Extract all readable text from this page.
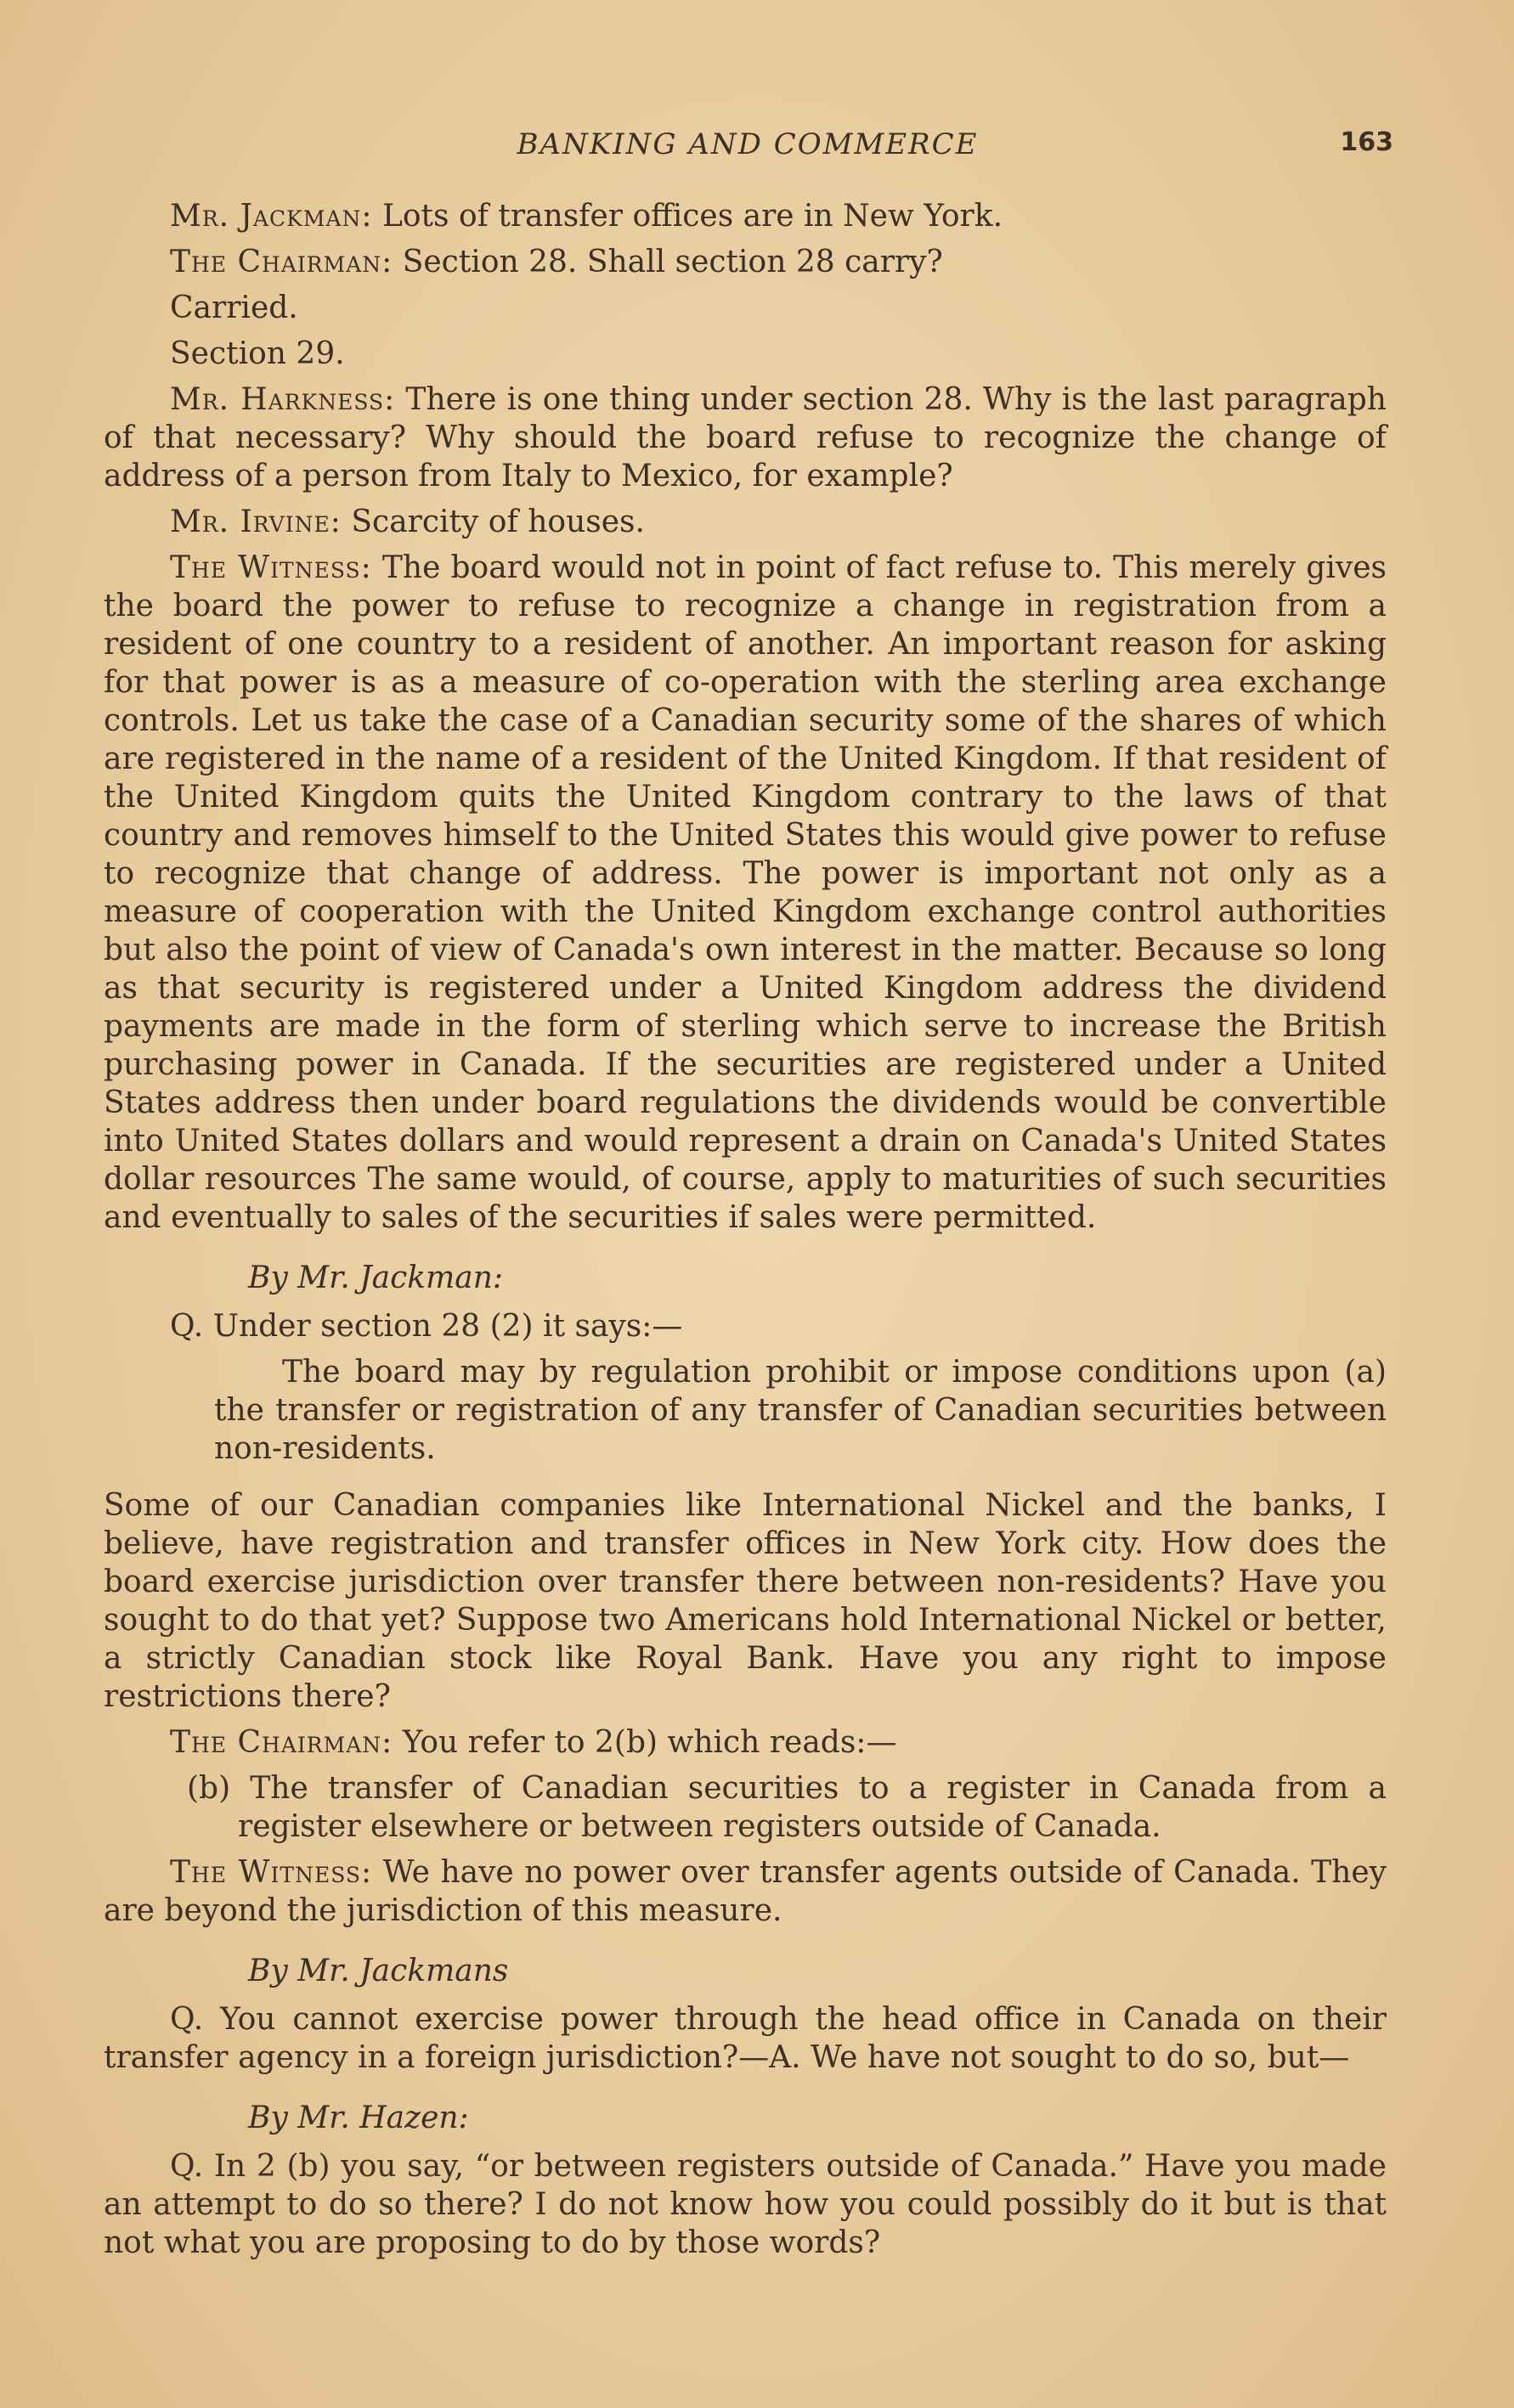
BANKING AND COMMERCE	163

Mr. Jackman: Lots of transfer offices are in New York.

The Chairman: Section 28. Shall section 28 carry?

Carried.

Section 29.

Mr. Harkness: There is one thing under section 28. Why is the last paragraph of that necessary? Why should the board refuse to recognize the change of address of a person from Italy to Mexico, for example?

Mr. Irvine: Scarcity of houses.

The Witness: The board would not in point of fact refuse to. This merely gives the board the power to refuse to recognize a change in registration from a resident of one country to a resident of another. An important reason for asking for that power is as a measure of co-operation with the sterling area exchange controls. Let us take the case of a Canadian security some of the shares of which are registered in the name of a resident of the United Kingdom. If that resident of the United Kingdom quits the United Kingdom contrary to the laws of that country and removes himself to the United States this would give power to refuse to recognize that change of address. The power is important not only as a measure of cooperation with the United Kingdom exchange control authorities but also the point of view of Canada's own interest in the matter. Because so long as that security is registered under a United Kingdom address the dividend payments are made in the form of sterling which serve to increase the British purchasing power in Canada. If the securities are registered under a United States address then under board regulations the dividends would be convertible into United States dollars and would represent a drain on Canada's United States dollar resources The same would, of course, apply to maturities of such securities and eventually to sales of the securities if sales were permitted.

By Mr. Jackman:

Q. Under section 28 (2) it says:—

The board may by regulation prohibit or impose conditions upon (a) the transfer or registration of any transfer of Canadian securities between non-residents.

Some of our Canadian companies like International Nickel and the banks, I believe, have registration and transfer offices in New York city. How does the board exercise jurisdiction over transfer there between non-residents? Have you sought to do that yet? Suppose two Americans hold International Nickel or better, a strictly Canadian stock like Royal Bank. Have you any right to impose restrictions there?

The Chairman: You refer to 2(b) which reads:—

(b) The transfer of Canadian securities to a register in Canada from a register elsewhere or between registers outside of Canada.

The Witness: We have no power over transfer agents outside of Canada. They are beyond the jurisdiction of this measure.

By Mr. Jackmans

Q. You cannot exercise power through the head office in Canada on their transfer agency in a foreign jurisdiction?—A. We have not sought to do so, but—

By Mr. Hazen:

Q. In 2 (b) you say, “or between registers outside of Canada.” Have you made an attempt to do so there? I do not know how you could possibly do it but is that not what you are proposing to do by those words?
